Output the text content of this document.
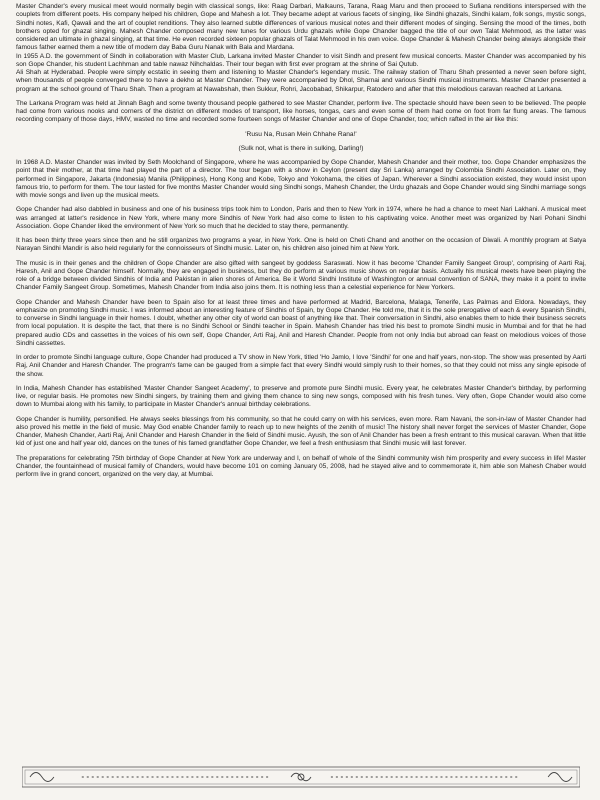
Master Chander's every musical meet would normally begin with classical songs, like: Raag Darbari, Malkauns, Tarana, Raag Maru and then proceed to Sufiana renditions interspersed with the couplets from different poets. His company helped his children, Gope and Mahesh a lot. They became adept at various facets of singing, like Sindhi ghazals, Sindhi kalam, folk songs, mystic songs, Sindhi notes, Kafi, Qawali and the art of couplet renditions. They also learned subtle differences of various musical notes and their different modes of singing. Sensing the mood of the times, both brothers opted for ghazal singing. Mahesh Chander composed many new tunes for various Urdu ghazals while Gope Chander bagged the title of our own Talat Mehmood, as the latter was considered an ultimate in ghazal singing, at that time. He even recorded sixteen popular ghazals of Talat Mehmood in his own voice. Gope Chander & Mahesh Chander being always alongside their famous father earned them a new title of modern day Baba Guru Nanak with Bala and Mardana.

In 1955 A.D. the government of Sindh in collaboration with Master Club, Larkana invited Master Chander to visit Sindh and present few musical concerts. Master Chander was accompanied by his son Gope Chander, his student Lachhman and table nawaz Nihchaldas. Their tour began with first ever program at the shrine of Sai Qutub.

Ali Shah at Hyderabad. People were simply ecstatic in seeing them and listening to Master Chander's legendary music. The railway station of Tharu Shah presented a never seen before sight, when thousands of people converged there to have a dekho at Master Chander. They were accompanied by Dhol, Sharnai and various Sindhi musical instruments. Master Chander presented a program at the school ground of Tharu Shah. Then a program at Nawabshah, then Sukkur, Rohri, Jacobabad, Shikarpur, Ratodero and after that this melodious caravan reached at Larkana.

The Larkana Program was held at Jinnah Bagh and some twenty thousand people gathered to see Master Chander, perform live. The spectacle should have been seen to be believed. The people had come from various nooks and corners of the district on different modes of transport, like horses, tongas, cars and even some of them had come on foot from far flung areas. The famous recording company of those days, HMV, wasted no time and recorded some fourteen songs of Master Chander and one of Gope Chander, too; which rafted in the air like this:

'Rusu Na, Rusan Mein Chhahe Rana!'

(Sulk not, what is there in sulking, Darling!)

In 1968 A.D. Master Chander was invited by Seth Moolchand of Singapore, where he was accompanied by Gope Chander, Mahesh Chander and their mother, too. Gope Chander emphasizes the point that their mother, at that time had played the part of a director. The tour began with a show in Ceylon (present day Sri Lanka) arranged by Colombia Sindhi Association. Later on, they performed in Singapore, Jakarta (Indonesia) Manila (Philippines), Hong Kong and Kobe, Tokyo and Yokohama, the cities of Japan. Wherever a Sindhi association existed, they would insist upon famous trio, to perform for them. The tour lasted for five months Master Chander would sing Sindhi songs, Mahesh Chander, the Urdu ghazals and Gope Chander would sing Sindhi marriage songs with movie songs and liven up the musical meets.

Gope Chander had also dabbled in business and one of his business trips took him to London, Paris and then to New York in 1974, where he had a chance to meet Nari Lakhani. A musical meet was arranged at latter's residence in New York, where many more Sindhis of New York had also come to listen to his captivating voice. Another meet was organized by Nari Pohani Sindhi Association. Gope Chander liked the environment of New York so much that he decided to stay there, permanently.

It has been thirty three years since then and he still organizes two programs a year, in New York. One is held on Cheti Chand and another on the occasion of Diwali. A monthly program at Satya Narayan Sindhi Mandir is also held regularly for the connoisseurs of Sindhi music. Later on, his children also joined him at New York.

The music is in their genes and the children of Gope Chander are also gifted with sangeet by goddess Saraswati. Now it has become 'Chander Family Sangeet Group', comprising of Aarti Raj, Haresh, Anil and Gope Chander himself. Normally, they are engaged in business, but they do perform at various music shows on regular basis. Actually his musical meets have been playing the role of a bridge between divided Sindhis of India and Pakistan in alien shores of America. Be it World Sindhi Institute of Washington or annual convention of SANA, they make it a point to invite Chander Family Sangeet Group. Sometimes, Mahesh Chander from India also joins them. It is nothing less than a celestial experience for New Yorkers.

Gope Chander and Mahesh Chander have been to Spain also for at least three times and have performed at Madrid, Barcelona, Malaga, Tenerife, Las Palmas and Eldora. Nowadays, they emphasize on promoting Sindhi music. I was informed about an interesting feature of Sindhis of Spain, by Gope Chander. He told me, that it is the sole prerogative of each & every Spanish Sindhi, to converse in Sindhi language in their homes. I doubt, whether any other city of world can boast of anything like that. Their conversation in Sindhi, also enables them to hide their business secrets from local population. It is despite the fact, that there is no Sindhi School or Sindhi teacher in Spain. Mahesh Chander has tried his best to promote Sindhi music in Mumbai and for that he had prepared audio CDs and cassettes in the voices of his own self, Gope Chander, Arti Raj, Anil and Haresh Chander. People from not only India but abroad can feast on melodious voices of those Sindhi cassettes.

In order to promote Sindhi language culture, Gope Chander had produced a TV show in New York, titled 'Ho Jamlo, I love 'Sindhi' for one and half years, non-stop. The show was presented by Aarti Raj, Anil Chander and Haresh Chander. The program's fame can be gauged from a simple fact that every Sindhi would simply rush to their homes, so that they could not miss any single episode of the show.

In India, Mahesh Chander has established 'Master Chander Sangeet Academy', to preserve and promote pure Sindhi music. Every year, he celebrates Master Chander's birthday, by performing live, or regular basis. He promotes new Sindhi singers, by training them and giving them chance to sing new songs, composed with his fresh tunes. Very often, Gope Chander would also come down to Mumbai along with his family, to participate in Master Chander's annual birthday celebrations.

Gope Chander is humility, personified. He always seeks blessings from his community, so that he could carry on with his services, even more. Ram Navani, the son-in-law of Master Chander had also proved his mettle in the field of music. May God enable Chander family to reach up to new heights of the zenith of music! The history shall never forget the services of Master Chander, Gope Chander, Mahesh Chander, Aarti Raj, Anil Chander and Haresh Chander in the field of Sindhi music. Ayush, the son of Anil Chander has been a fresh entrant to this musical caravan. When that little kid of just one and half year old, dances on the tunes of his famed grandfather Gope Chander, we feel a fresh enthusiasm that Sindhi music will last forever.

The preparations for celebrating 75th birthday of Gope Chander at New York are underway and I, on behalf of whole of the Sindhi community wish him prosperity and every success in life! Master Chander, the fountainhead of musical family of Chanders, would have become 101 on coming January 05, 2008, had he stayed alive and to commemorate it, him able son Mahesh Chaber would perform live in grand concert, organized on the very day, at Mumbai.
